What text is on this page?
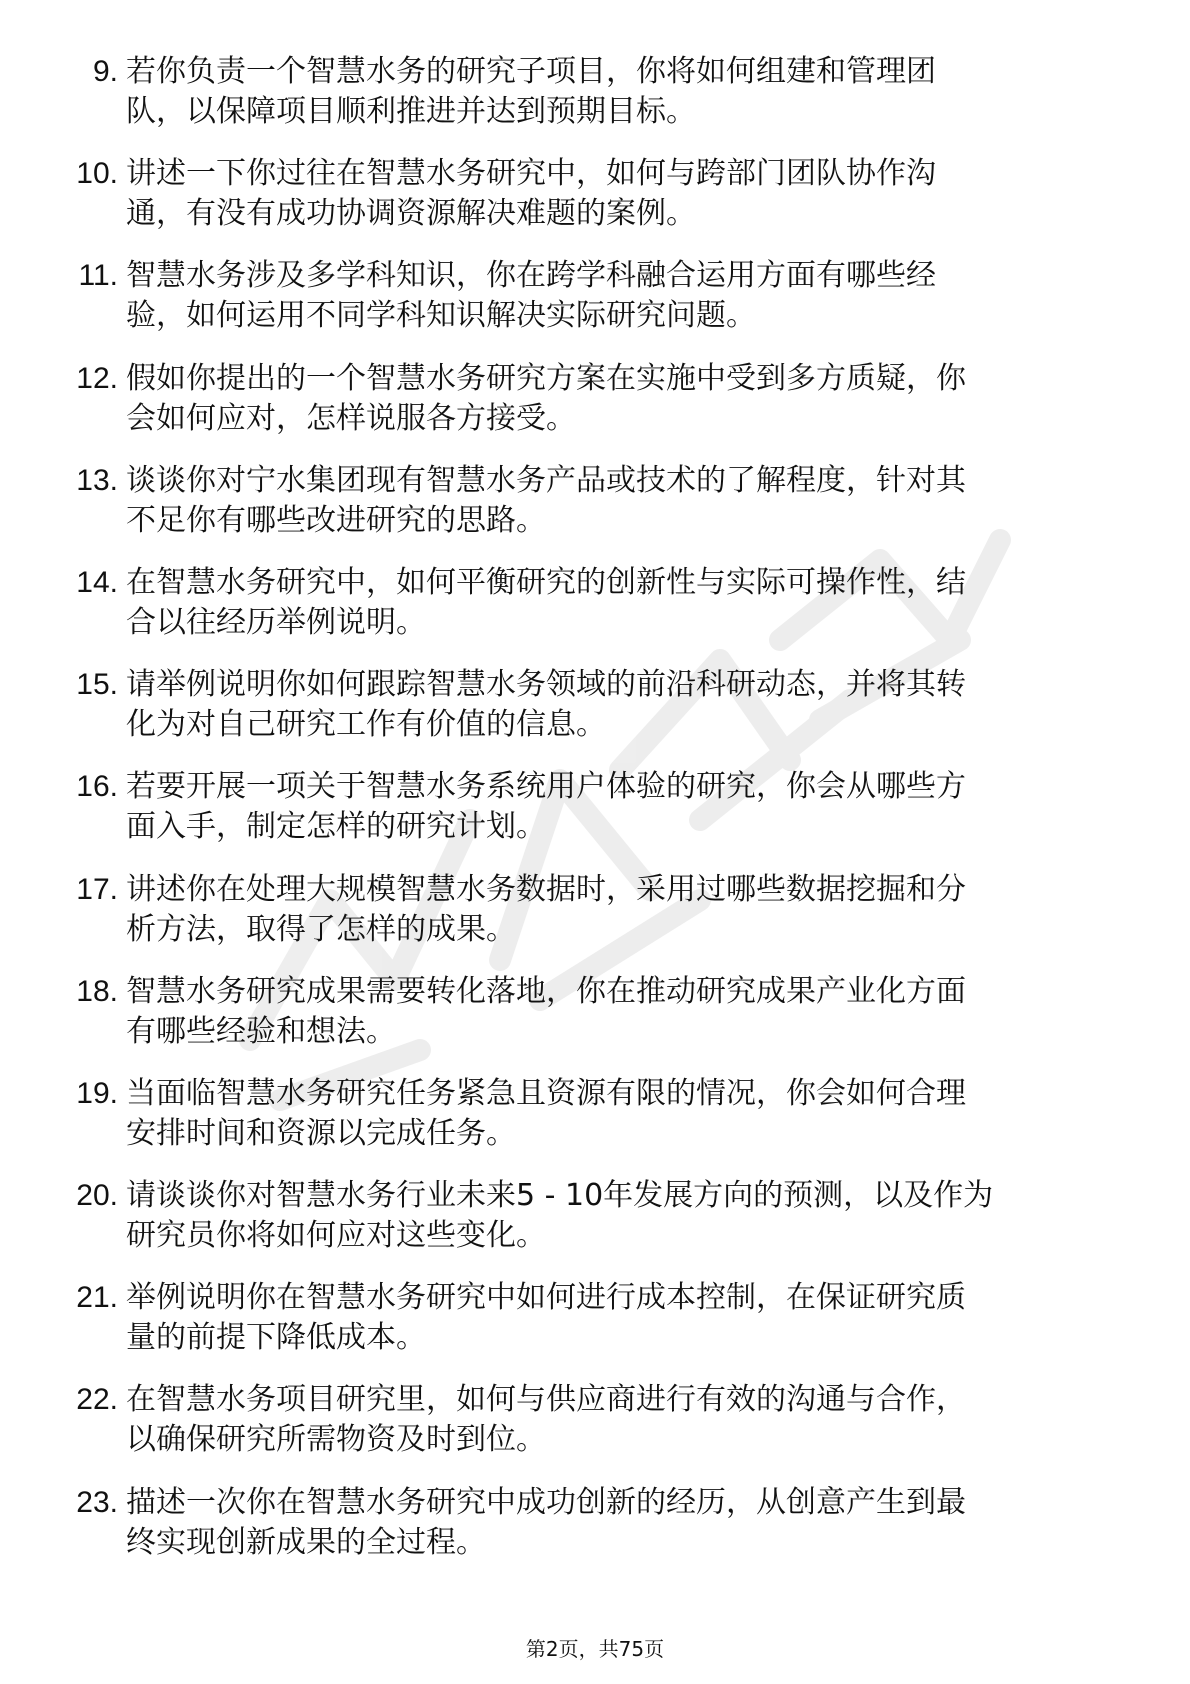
9. 若你负责一个智慧水务的研究子项目，你将如何组建和管理团
队，以保障项目顺利推进并达到预期目标。
10. 讲述一下你过往在智慧水务研究中，如何与跨部门团队协作沟
通，有没有成功协调资源解决难题的案例。
11. 智慧水务涉及多学科知识，你在跨学科融合运用方面有哪些经
验，如何运用不同学科知识解决实际研究问题。
12. 假如你提出的一个智慧水务研究方案在实施中受到多方质疑，你
会如何应对，怎样说服各方接受。
13. 谈谈你对宁水集团现有智慧水务产品或技术的了解程度，针对其
不足你有哪些改进研究的思路。
14. 在智慧水务研究中，如何平衡研究的创新性与实际可操作性，结
合以往经历举例说明。
15. 请举例说明你如何跟踪智慧水务领域的前沿科研动态，并将其转
化为对自己研究工作有价值的信息。
16. 若要开展一项关于智慧水务系统用户体验的研究，你会从哪些方
面入手，制定怎样的研究计划。
17. 讲述你在处理大规模智慧水务数据时，采用过哪些数据挖掘和分
析方法，取得了怎样的成果。
18. 智慧水务研究成果需要转化落地，你在推动研究成果产业化方面
有哪些经验和想法。
19. 当面临智慧水务研究任务紧急且资源有限的情况，你会如何合理
安排时间和资源以完成任务。
20. 请谈谈你对智慧水务行业未来5 - 10年发展方向的预测，以及作为
研究员你将如何应对这些变化。
21. 举例说明你在智慧水务研究中如何进行成本控制，在保证研究质
量的前提下降低成本。
22. 在智慧水务项目研究里，如何与供应商进行有效的沟通与合作，
以确保研究所需物资及时到位。
23. 描述一次你在智慧水务研究中成功创新的经历，从创意产生到最
终实现创新成果的全过程。
第2页，共75页
